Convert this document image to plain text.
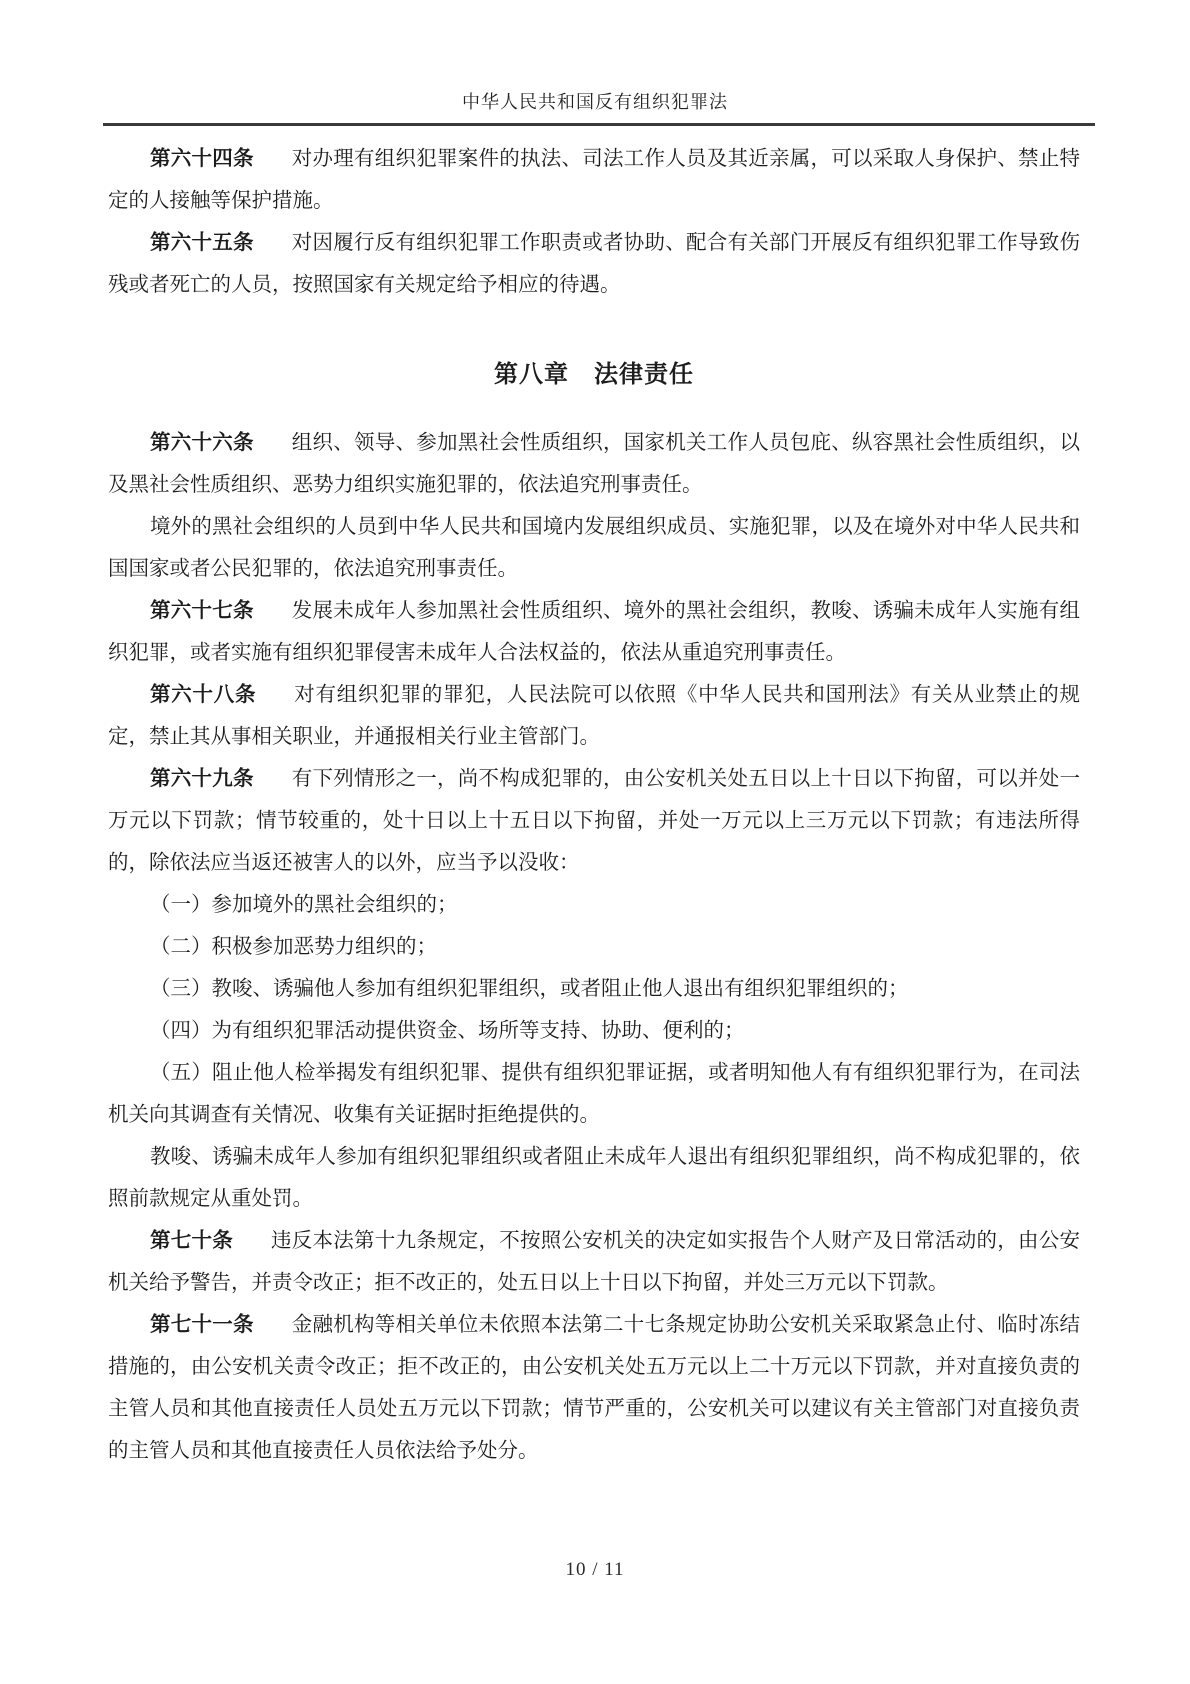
中华人民共和国反有组织犯罪法

第六十四条 对办理有组织犯罪案件的执法、司法工作人员及其近亲属，可以采取人身保护、禁止特定的人接触等保护措施。

第六十五条 对因履行反有组织犯罪工作职责或者协助、配合有关部门开展反有组织犯罪工作导致伤残或者死亡的人员，按照国家有关规定给予相应的待遇。

第八章　法律责任

第六十六条 组织、领导、参加黑社会性质组织，国家机关工作人员包庇、纵容黑社会性质组织，以及黑社会性质组织、恶势力组织实施犯罪的，依法追究刑事责任。

境外的黑社会组织的人员到中华人民共和国境内发展组织成员、实施犯罪，以及在境外对中华人民共和国国家或者公民犯罪的，依法追究刑事责任。

第六十七条 发展未成年人参加黑社会性质组织、境外的黑社会组织，教唆、诱骗未成年人实施有组织犯罪，或者实施有组织犯罪侵害未成年人合法权益的，依法从重追究刑事责任。

第六十八条 对有组织犯罪的罪犯，人民法院可以依照《中华人民共和国刑法》有关从业禁止的规定，禁止其从事相关职业，并通报相关行业主管部门。

第六十九条 有下列情形之一，尚不构成犯罪的，由公安机关处五日以上十日以下拘留，可以并处一万元以下罚款；情节较重的，处十日以上十五日以下拘留，并处一万元以上三万元以下罚款；有违法所得的，除依法应当返还被害人的以外，应当予以没收：

（一）参加境外的黑社会组织的；

（二）积极参加恶势力组织的；

（三）教唆、诱骗他人参加有组织犯罪组织，或者阻止他人退出有组织犯罪组织的；

（四）为有组织犯罪活动提供资金、场所等支持、协助、便利的；

（五）阻止他人检举揭发有组织犯罪、提供有组织犯罪证据，或者明知他人有有组织犯罪行为，在司法机关向其调查有关情况、收集有关证据时拒绝提供的。

教唆、诱骗未成年人参加有组织犯罪组织或者阻止未成年人退出有组织犯罪组织，尚不构成犯罪的，依照前款规定从重处罚。

第七十条 违反本法第十九条规定，不按照公安机关的决定如实报告个人财产及日常活动的，由公安机关给予警告，并责令改正；拒不改正的，处五日以上十日以下拘留，并处三万元以下罚款。

第七十一条 金融机构等相关单位未依照本法第二十七条规定协助公安机关采取紧急止付、临时冻结措施的，由公安机关责令改正；拒不改正的，由公安机关处五万元以上二十万元以下罚款，并对直接负责的主管人员和其他直接责任人员处五万元以下罚款；情节严重的，公安机关可以建议有关主管部门对直接负责的主管人员和其他直接责任人员依法给予处分。

10 / 11
